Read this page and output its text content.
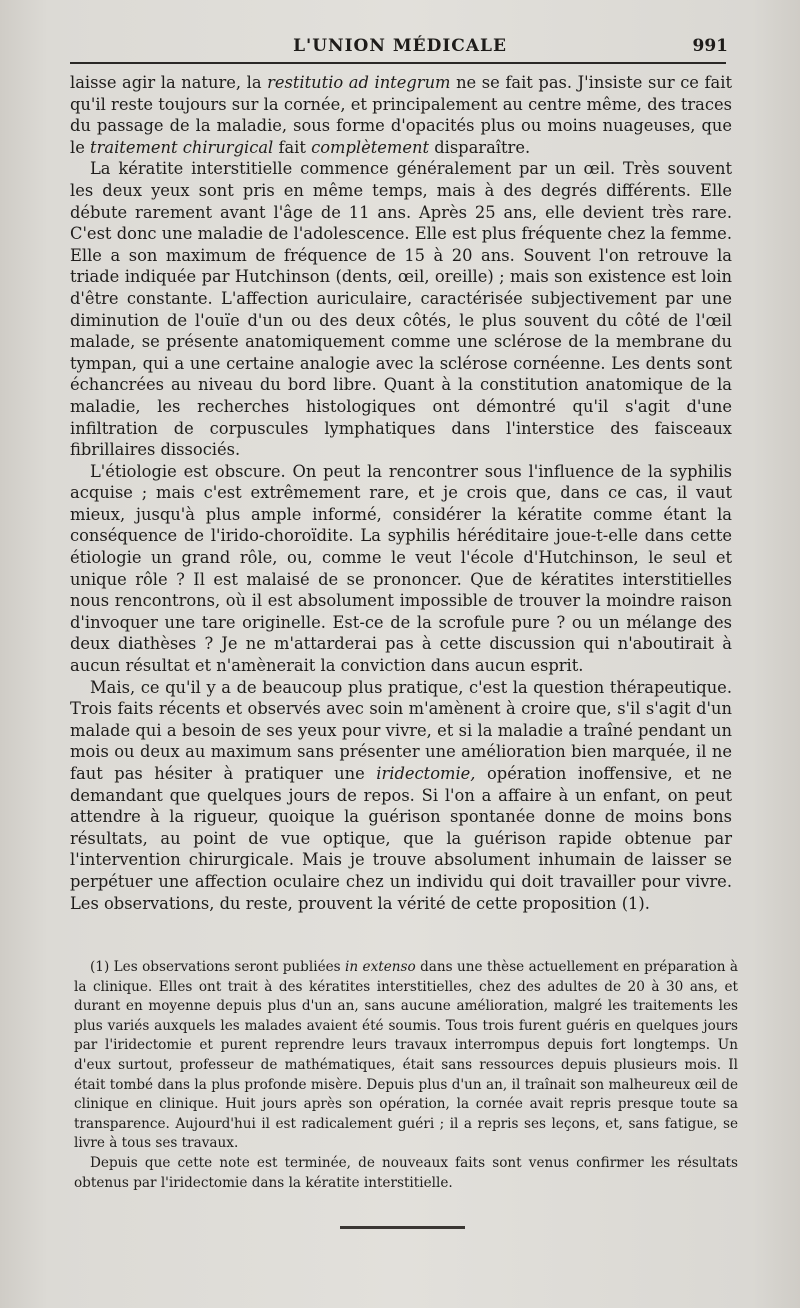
L'UNION MÉDICALE	991

laisse agir la nature, la restitutio ad integrum ne se fait pas. J'insiste sur ce fait qu'il reste toujours sur la cornée, et principalement au centre même, des traces du passage de la maladie, sous forme d'opacités plus ou moins nuageuses, que le traitement chirurgical fait complètement disparaître.

La kératite interstitielle commence généralement par un œil. Très souvent les deux yeux sont pris en même temps, mais à des degrés différents. Elle débute rarement avant l'âge de 11 ans. Après 25 ans, elle devient très rare. C'est donc une maladie de l'adolescence. Elle est plus fréquente chez la femme. Elle a son maximum de fréquence de 15 à 20 ans. Souvent l'on retrouve la triade indiquée par Hutchinson (dents, œil, oreille) ; mais son existence est loin d'être constante. L'affection auriculaire, caractérisée subjectivement par une diminution de l'ouïe d'un ou des deux côtés, le plus souvent du côté de l'œil malade, se présente anatomiquement comme une sclérose de la membrane du tympan, qui a une certaine analogie avec la sclérose cornéenne. Les dents sont échancrées au niveau du bord libre. Quant à la constitution anatomique de la maladie, les recherches histologiques ont démontré qu'il s'agit d'une infiltration de corpuscules lymphatiques dans l'interstice des faisceaux fibrillaires dissociés.

L'étiologie est obscure. On peut la rencontrer sous l'influence de la syphilis acquise ; mais c'est extrêmement rare, et je crois que, dans ce cas, il vaut mieux, jusqu'à plus ample informé, considérer la kératite comme étant la conséquence de l'irido-choroïdite. La syphilis héréditaire joue-t-elle dans cette étiologie un grand rôle, ou, comme le veut l'école d'Hutchinson, le seul et unique rôle ? Il est malaisé de se prononcer. Que de kératites interstitielles nous rencontrons, où il est absolument impossible de trouver la moindre raison d'invoquer une tare originelle. Est-ce de la scrofule pure ? ou un mélange des deux diathèses ? Je ne m'attarderai pas à cette discussion qui n'aboutirait à aucun résultat et n'amènerait la conviction dans aucun esprit.

Mais, ce qu'il y a de beaucoup plus pratique, c'est la question thérapeutique. Trois faits récents et observés avec soin m'amènent à croire que, s'il s'agit d'un malade qui a besoin de ses yeux pour vivre, et si la maladie a traîné pendant un mois ou deux au maximum sans présenter une amélioration bien marquée, il ne faut pas hésiter à pratiquer une iridectomie, opération inoffensive, et ne demandant que quelques jours de repos. Si l'on a affaire à un enfant, on peut attendre à la rigueur, quoique la guérison spontanée donne de moins bons résultats, au point de vue optique, que la guérison rapide obtenue par l'intervention chirurgicale. Mais je trouve absolument inhumain de laisser se perpétuer une affection oculaire chez un individu qui doit travailler pour vivre. Les observations, du reste, prouvent la vérité de cette proposition (1).

(1) Les observations seront publiées in extenso dans une thèse actuellement en préparation à la clinique. Elles ont trait à des kératites interstitielles, chez des adultes de 20 à 30 ans, et durant en moyenne depuis plus d'un an, sans aucune amélioration, malgré les traitements les plus variés auxquels les malades avaient été soumis. Tous trois furent guéris en quelques jours par l'iridectomie et purent reprendre leurs travaux interrompus depuis fort longtemps. Un d'eux surtout, professeur de mathématiques, était sans ressources depuis plusieurs mois. Il était tombé dans la plus profonde misère. Depuis plus d'un an, il traînait son malheureux œil de clinique en clinique. Huit jours après son opération, la cornée avait repris presque toute sa transparence. Aujourd'hui il est radicalement guéri ; il a repris ses leçons, et, sans fatigue, se livre à tous ses travaux.

Depuis que cette note est terminée, de nouveaux faits sont venus confirmer les résultats obtenus par l'iridectomie dans la kératite interstitielle.
